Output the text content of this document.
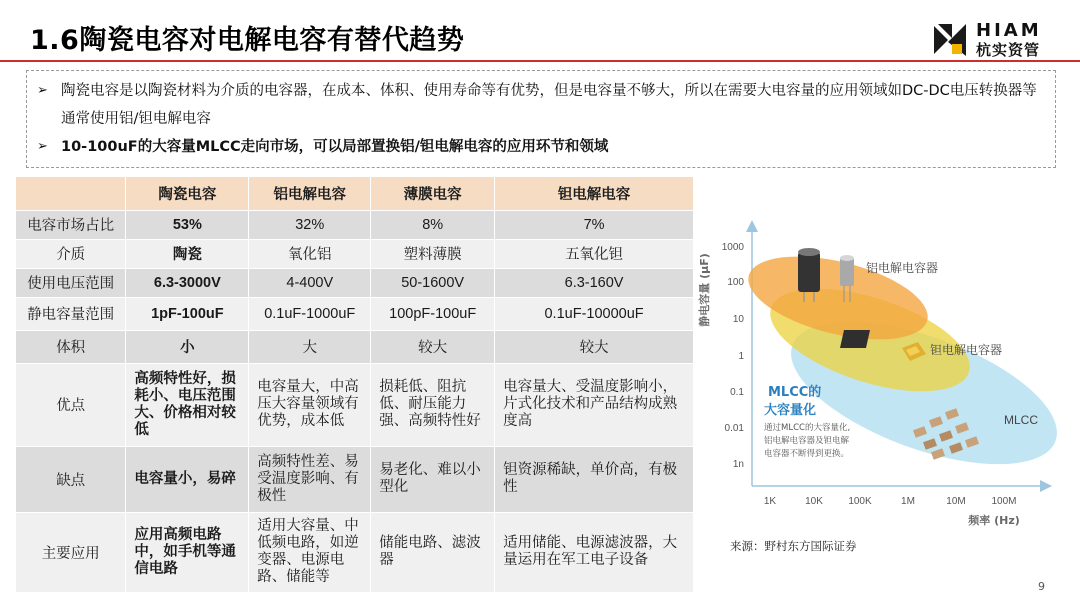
1.6陶瓷电容对电解电容有替代趋势	HIAM
杭实资管
➢ 陶瓷电容是以陶瓷材料为介质的电容器，在成本、体积、使用寿命等有优势，但是电容量不够大，所以在需要大电容量的应用领域如DC-DC电压转换器等通常使用铝/钽电解电容
➢ 10-100uF的大容量MLCC走向市场，可以局部置换铝/钽电解电容的应用环节和领域
	陶瓷电容	铝电解电容	薄膜电容	钽电解电容
电容市场占比	53%	32%	8%	7%
介质	陶瓷	氧化铝	塑料薄膜	五氧化钽
使用电压范围	6.3-3000V	4-400V	50-1600V	6.3-160V
静电容量范围	1pF-100uF	0.1uF-1000uF	100pF-100uF	0.1uF-10000uF
体积	小	大	较大	较大
优点	高频特性好，损耗小、电压范围大、价格相对较低	电容量大，中高压大容量领域有优势，成本低	损耗低、阻抗低、耐压能力强、高频特性好	电容量大、受温度影响小，片式化技术和产品结构成熟度高
缺点	电容量小，易碎	高频特性差、易受温度影响、有极性	易老化、难以小型化	钽资源稀缺，单价高，有极性
主要应用	应用高频电路中，如手机等通信电路	适用大容量、中低频电路，如逆变器、电源电路、储能等	储能电路、滤波器	适用储能、电源滤波器，大量运用在军工电子设备
静电容量 (μF)
频率 (Hz)
1000
100
10
1
0.1
0.01
1n
1K	10K	100K	1M	10M	100M
铝电解电容器
钽电解电容器
MLCC
MLCC的
大容量化
通过MLCC的大容量化,
铝电解电容器及钽电解
电容器不断得到更换。
来源：野村东方国际证券
9
